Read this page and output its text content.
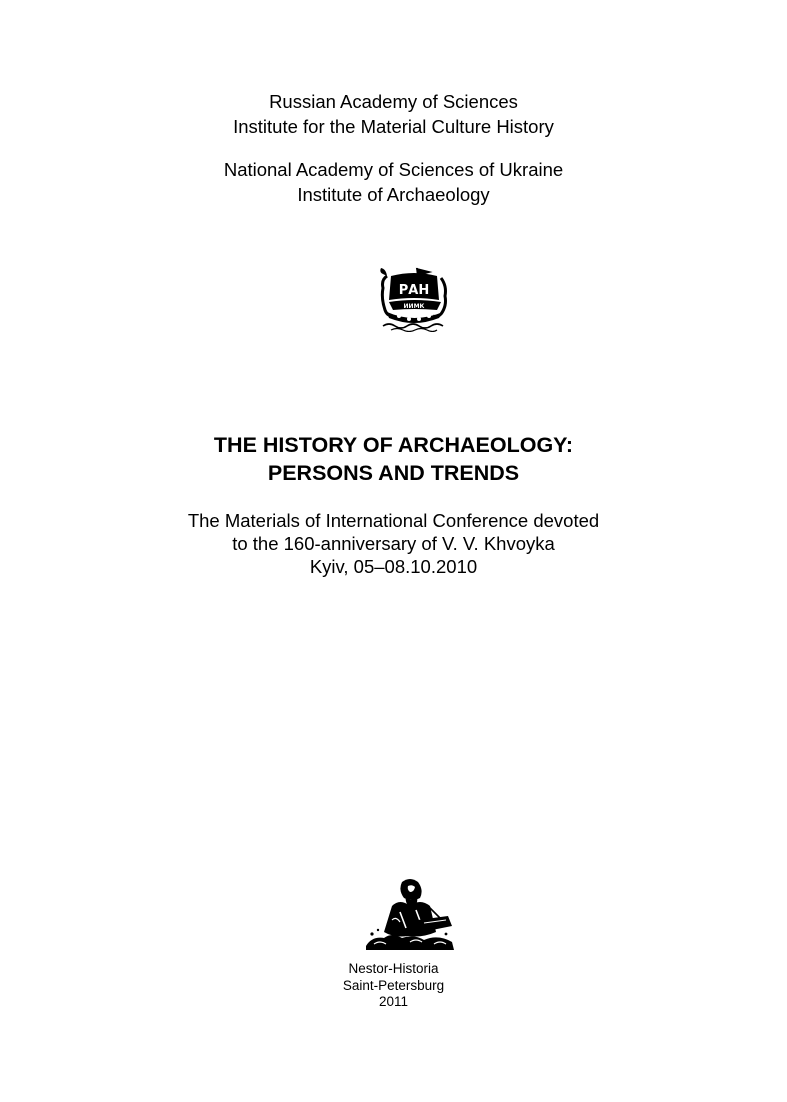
Russian Academy of Sciences
Institute for the Material Culture History
National Academy of Sciences of Ukraine
Institute of Archaeology
РАН
ИИМК
THE HISTORY OF ARCHAEOLOGY:
PERSONS AND TRENDS
The Materials of International Conference devoted
to the 160-anniversary of V. V. Khvoyka
Kyiv, 05–08.10.2010
Nestor-Historia
Saint-Petersburg
2011
